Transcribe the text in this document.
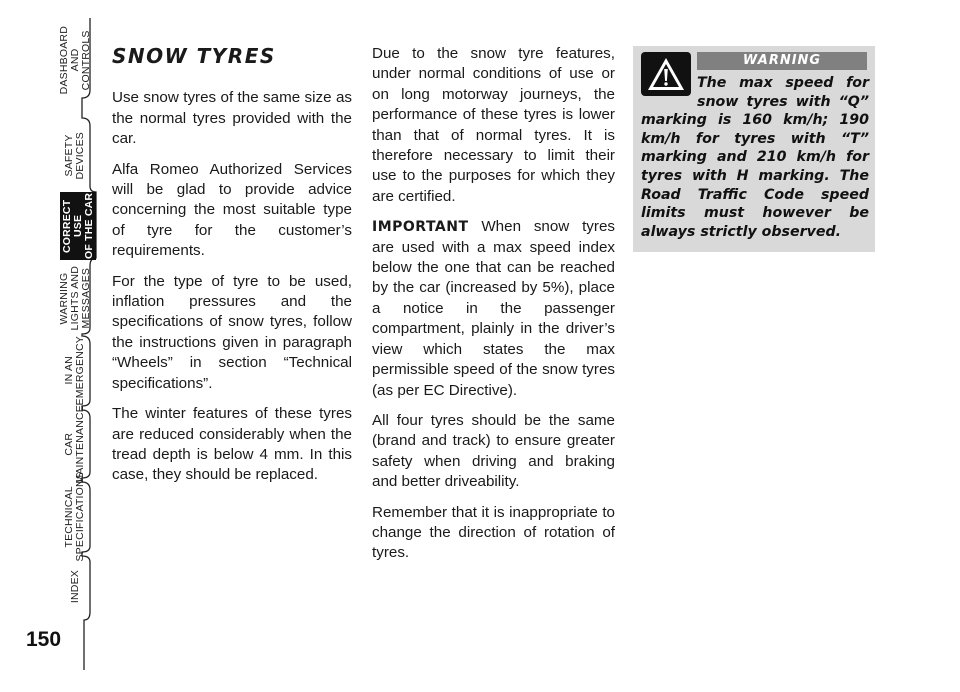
DASHBOARD
AND
CONTROLS
SAFETY
DEVICES
CORRECT USE
OF THE CAR
WARNING
LIGHTS AND
MESSAGES
IN AN
EMERGENCY
CAR
MAINTENANCE
TECHNICAL
SPECIFICATIONS
INDEX
150
SNOW TYRES

Use snow tyres of the same size as the normal tyres provided with the car.

Alfa Romeo Authorized Services will be glad to provide advice concerning the most suitable type of tyre for the customer’s requirements.

For the type of tyre to be used, inflation pressures and the specifications of snow tyres, follow the instructions given in paragraph “Wheels” in section “Technical specifications”.

The winter features of these tyres are reduced considerably when the tread depth is below 4 mm. In this case, they should be replaced.

Due to the snow tyre features, under normal conditions of use or on long motorway journeys, the performance of these tyres is lower than that of normal tyres. It is therefore necessary to limit their use to the purposes for which they are certified.

IMPORTANT When snow tyres are used with a max speed index below the one that can be reached by the car (increased by 5%), place a notice in the passenger compartment, plainly in the driver’s view which states the max permissible speed of the snow tyres (as per EC Directive).

All four tyres should be the same (brand and track) to ensure greater safety when driving and braking and better driveability.

Remember that it is inappropriate to change the direction of rotation of tyres.

WARNING
The max speed for snow tyres with “Q” marking is 160 km/h; 190 km/h for tyres with “T” marking and 210 km/h for tyres with H marking. The Road Traffic Code speed limits must however be always strictly observed.
